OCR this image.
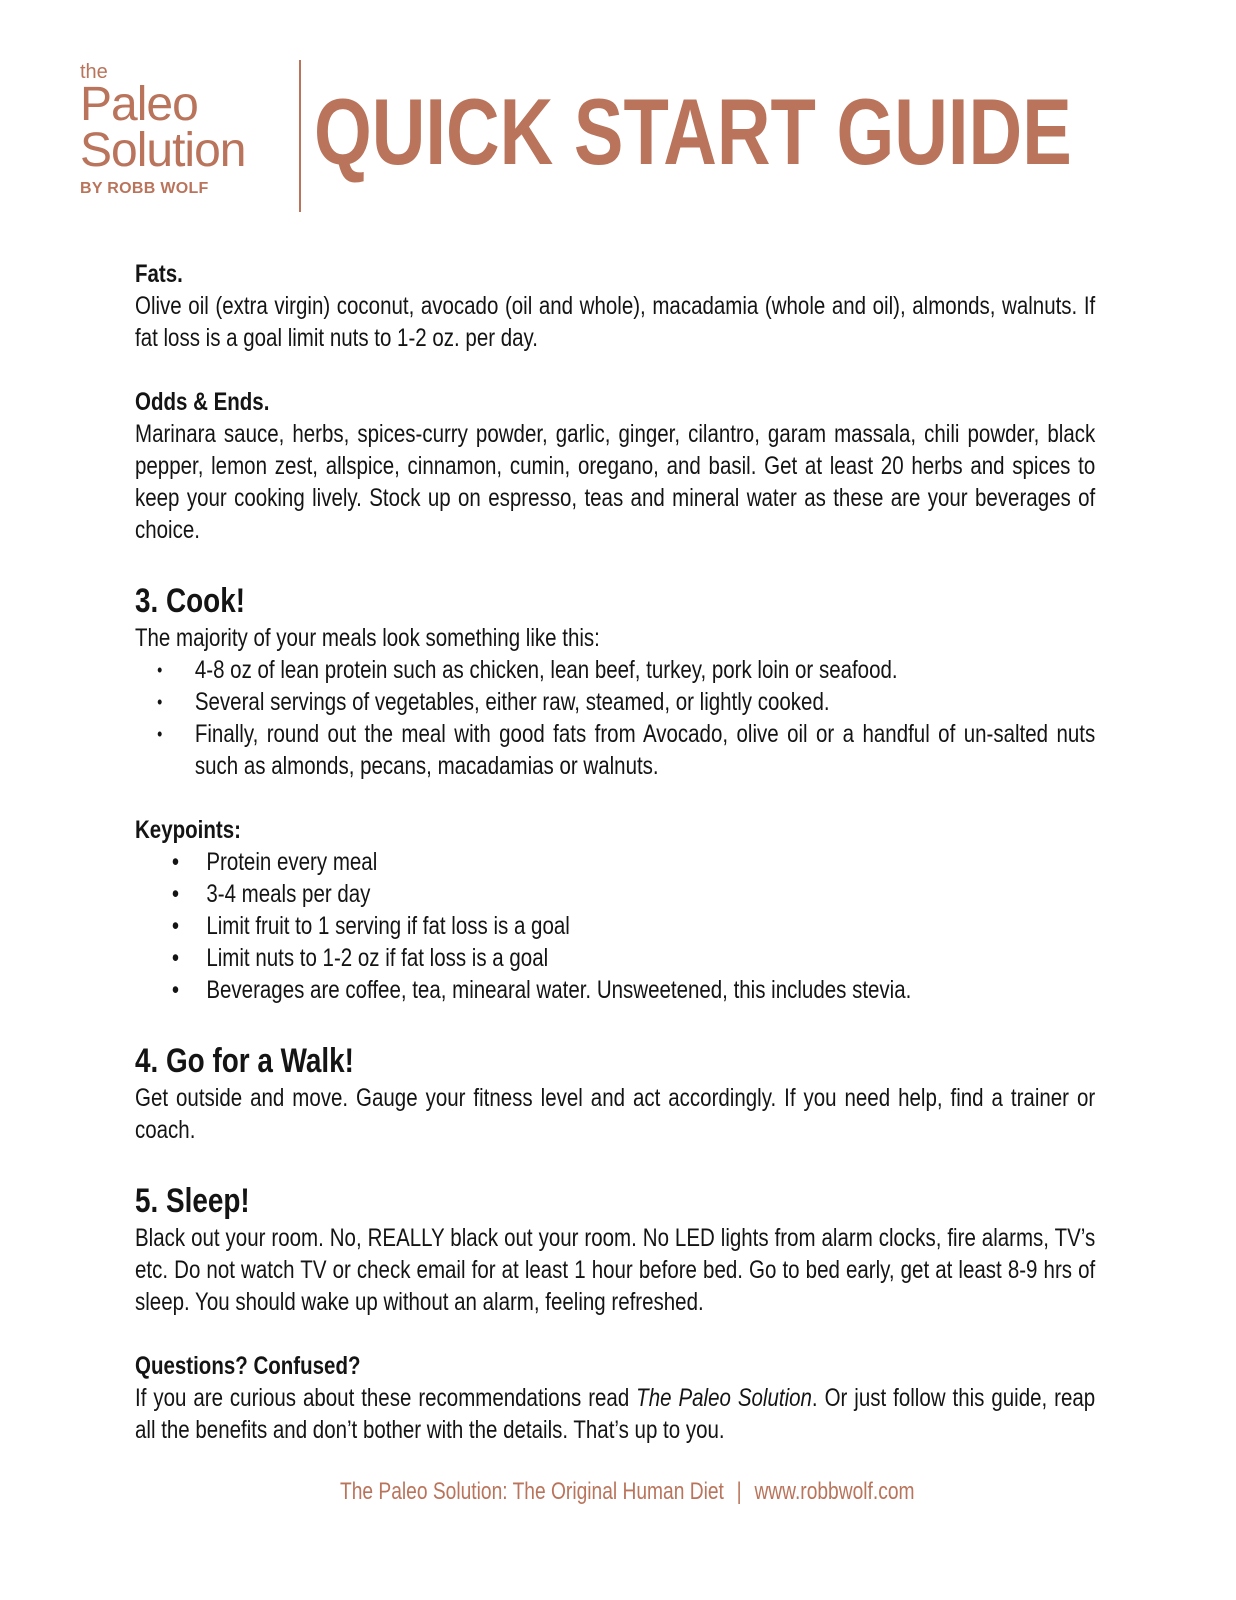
the
Paleo
Solution
BY ROBB WOLF
QUICK START GUIDE
Fats.

Olive oil (extra virgin) coconut, avocado (oil and whole), macadamia (whole and oil), almonds, walnuts. If fat loss is a goal limit nuts to 1-2 oz. per day.

Odds & Ends.

Marinara sauce, herbs, spices-curry powder, garlic, ginger, cilantro, garam massala, chili powder, black pepper, lemon zest, allspice, cinnamon, cumin, oregano, and basil. Get at least 20 herbs and spices to keep your cooking lively. Stock up on espresso, teas and mineral water as these are your beverages of choice.

3. Cook!

The majority of your meals look something like this:

• 4-8 oz of lean protein such as chicken, lean beef, turkey, pork loin or seafood.
• Several servings of vegetables, either raw, steamed, or lightly cooked.
• Finally, round out the meal with good fats from Avocado, olive oil or a handful of un-salted nuts such as almonds, pecans, macadamias or walnuts.
Keypoints:
• Protein every meal
• 3-4 meals per day
• Limit fruit to 1 serving if fat loss is a goal
• Limit nuts to 1-2 oz if fat loss is a goal
• Beverages are coffee, tea, minearal water. Unsweetened, this includes stevia.
4. Go for a Walk!

Get outside and move. Gauge your fitness level and act accordingly. If you need help, find a trainer or coach.

5. Sleep!

Black out your room. No, REALLY black out your room. No LED lights from alarm clocks, fire alarms, TV’s etc. Do not watch TV or check email for at least 1 hour before bed. Go to bed early, get at least 8-9 hrs of sleep. You should wake up without an alarm, feeling refreshed.

Questions? Confused?

If you are curious about these recommendations read The Paleo Solution. Or just follow this guide, reap all the benefits and don’t bother with the details. That’s up to you.

The Paleo Solution: The Original Human Diet | www.robbwolf.com
